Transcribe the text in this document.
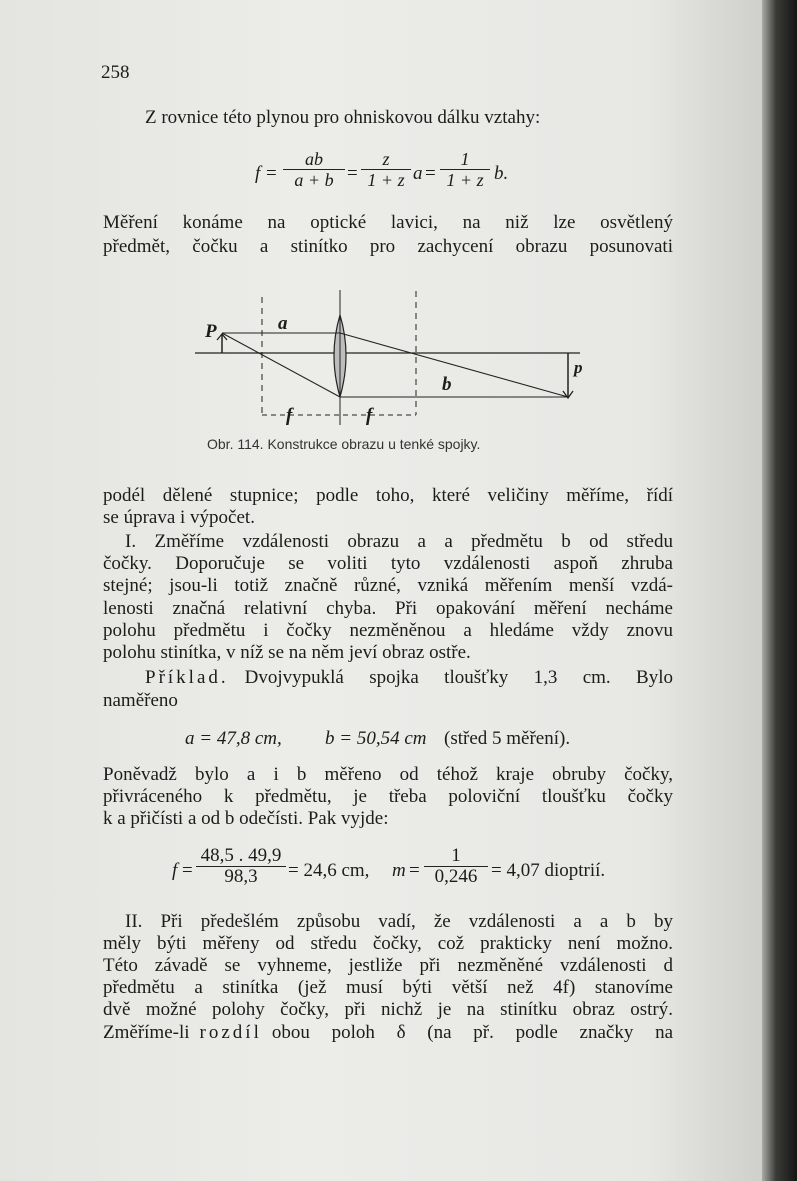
258
Z rovnice této plynou pro ohniskovou dálku vztahy:
$f = \frac{ab}{a + b} = \frac{z}{1 + z}$ $a = \frac{1}{1 + z} b$.
Měření konáme na optické lavici, na niž lze osvětlený
předmět, čočku a stinítko pro zachycení obrazu posunovati
P	a
b
p
f	f
Obr. 114. Konstrukce obrazu u tenké spojky.
podél dělené stupnice; podle toho, které veličiny měříme, řídí
se úprava i výpočet.
I. Změříme vzdálenosti obrazu a a předmětu b od středu
čočky. Doporučuje se voliti tyto vzdálenosti aspoň zhruba
stejné; jsou-li totiž značně různé, vzniká měřením menší vzdá-
lenosti značná relativní chyba. Při opakování měření necháme
polohu předmětu i čočky nezměněnou a hledáme vždy znovu
polohu stinítka, v níž se na něm jeví obraz ostře.
Příklad. Dvojvypuklá spojka tloušťky 1,3 cm. Bylo
naměřeno
a = 47,8 cm, b = 50,54 cm (střed 5 měření).
Poněvadž bylo a i b měřeno od téhož kraje obruby čočky,
přivráceného k předmětu, je třeba poloviční tloušťku čočky
k a přičísti a od b odečísti. Pak vyjde:
$f = \frac{48,5 . 49,9}{98,3} = 24,6$ cm, $m = \frac{1}{0,246} = 4,07$ dioptrií.
II. Při předešlém způsobu vadí, že vzdálenosti a a b by
měly býti měřeny od středu čočky, což prakticky není možno.
Této závadě se vyhneme, jestliže při nezměněné vzdálenosti d
předmětu a stinítka (jež musí býti větší než 4f) stanovíme
dvě možné polohy čočky, při nichž je na stinítku obraz ostrý.
Změříme-li rozdíl obou poloh δ (na př. podle značky na
